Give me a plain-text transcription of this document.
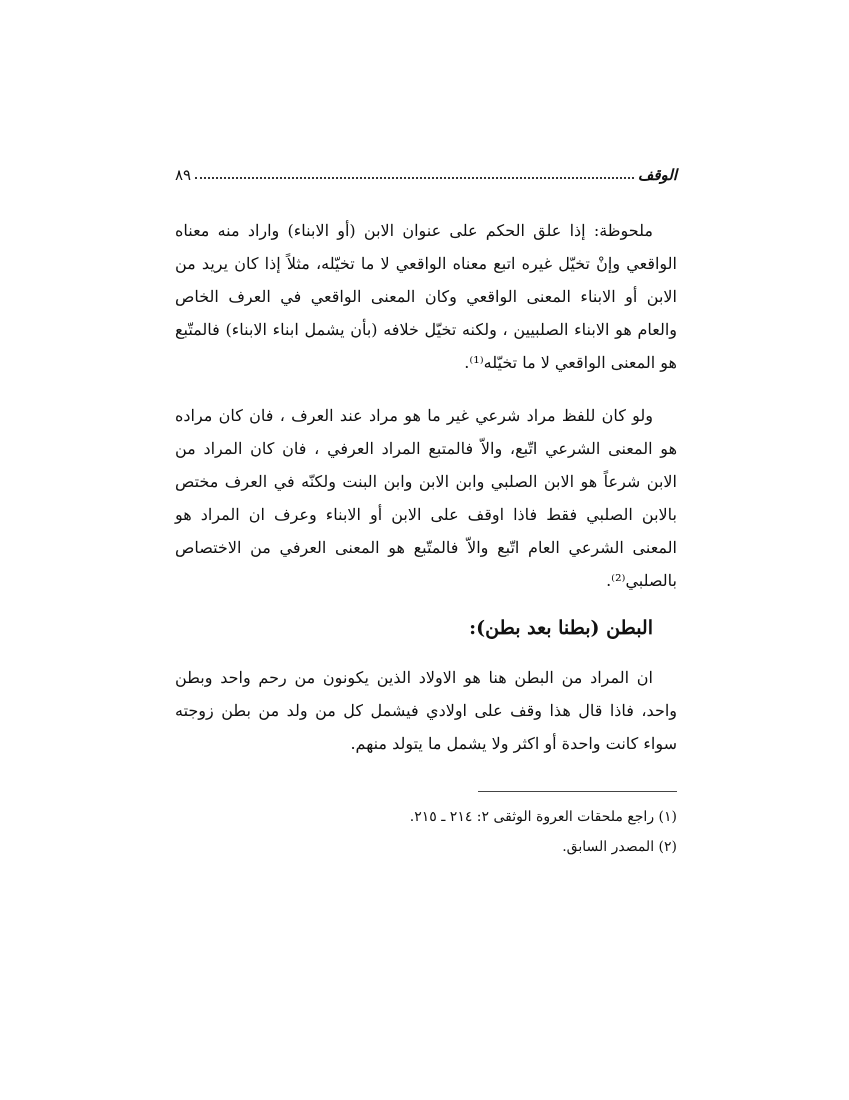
الوقف
٨٩

ملحوظة: إذا علق الحكم على عنوان الابن (أو الابناء) واراد منه معناه الواقعي وإنْ تخيّل غيره اتبع معناه الواقعي لا ما تخيّله، مثلاً إذا كان يريد من الابن أو الابناء المعنى الواقعي وكان المعنى الواقعي في العرف الخاص والعام هو الابناء الصلبيين ، ولكنه تخيّل خلافه (بأن يشمل ابناء الابناء) فالمتّبع هو المعنى الواقعي لا ما تخيّله⁽¹⁾.

ولو كان للفظ مراد شرعي غير ما هو مراد عند العرف ، فان كان مراده هو المعنى الشرعي اتّبع، والاّ فالمتبع المراد العرفي ، فان كان المراد من الابن شرعاً هو الابن الصلبي وابن الابن وابن البنت ولكنّه في العرف مختص بالابن الصلبي فقط فاذا اوقف على الابن أو الابناء وعرف ان المراد هو المعنى الشرعي العام اتّبع والاّ فالمتّبع هو المعنى العرفي من الاختصاص بالصلبي⁽²⁾.

البطن (بطنا بعد بطن):

ان المراد من البطن هنا هو الاولاد الذين يكونون من رحم واحد وبطن واحد، فاذا قال هذا وقف على اولادي فيشمل كل من ولد من بطن زوجته سواء كانت واحدة أو اكثر ولا يشمل ما يتولد منهم.

(١) راجع ملحقات العروة الوثقى ٢: ٢١٤ ـ ٢١٥.

(٢) المصدر السابق.
